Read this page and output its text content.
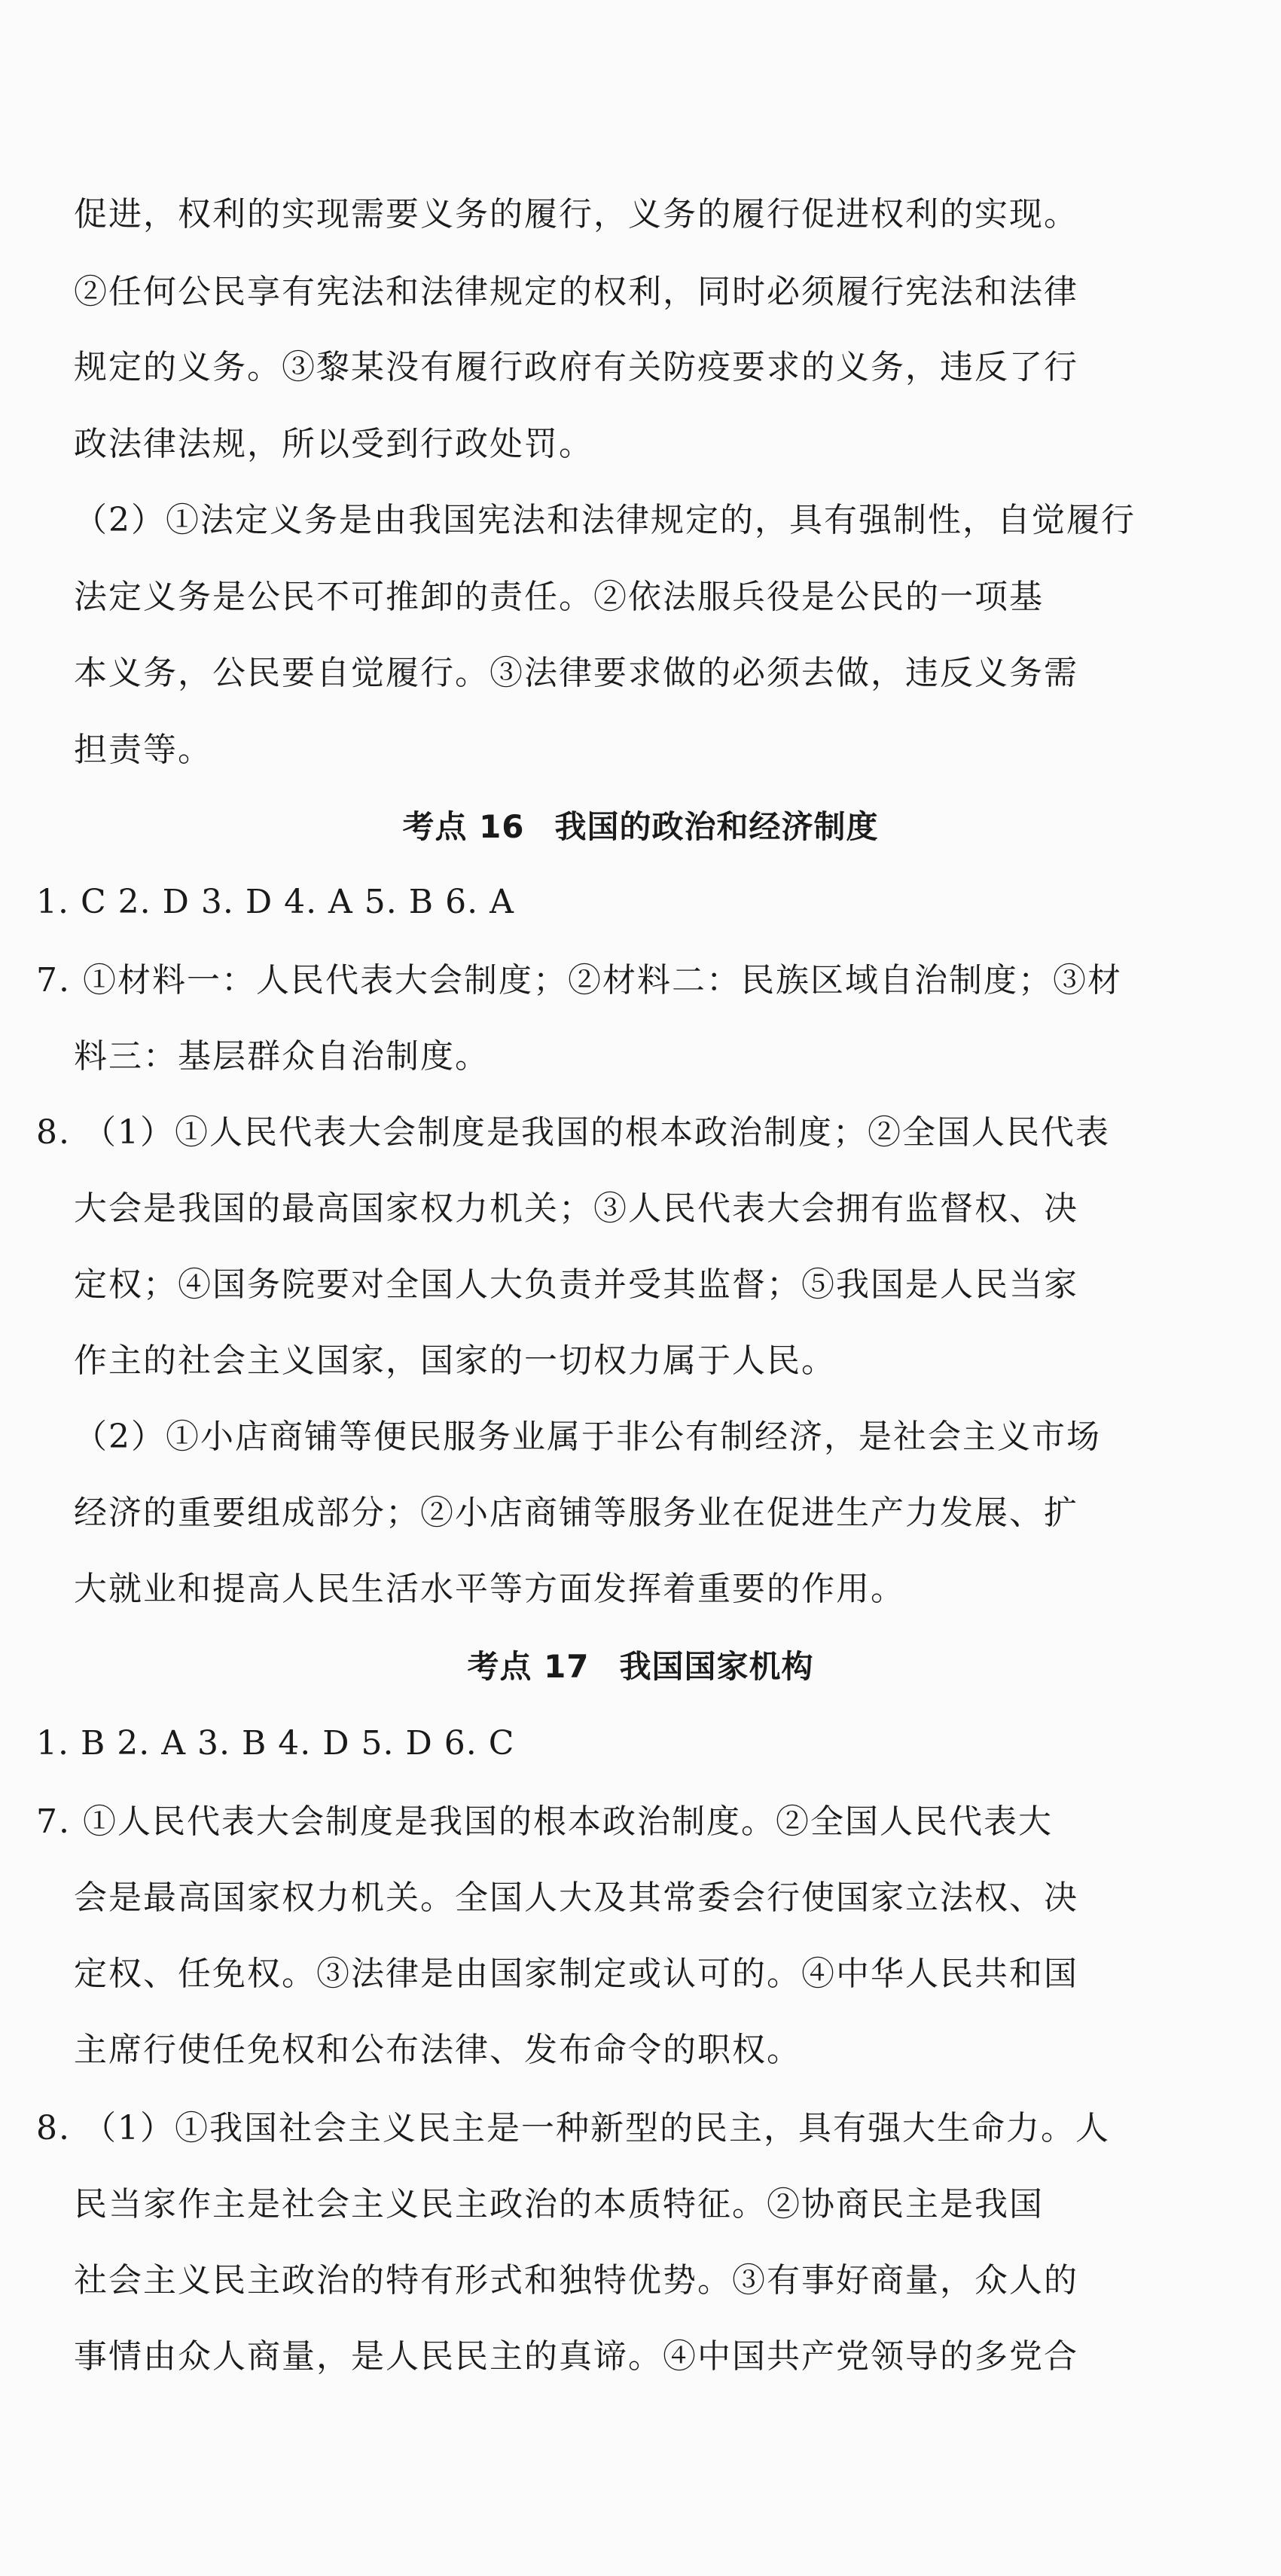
促进，权利的实现需要义务的履行，义务的履行促进权利的实现。
②任何公民享有宪法和法律规定的权利，同时必须履行宪法和法律
规定的义务。③黎某没有履行政府有关防疫要求的义务，违反了行
政法律法规，所以受到行政处罚。
（2）①法定义务是由我国宪法和法律规定的，具有强制性，自觉履行
法定义务是公民不可推卸的责任。②依法服兵役是公民的一项基
本义务，公民要自觉履行。③法律要求做的必须去做，违反义务需
担责等。
考点 16 我国的政治和经济制度
1. C 2. D 3. D 4. A 5. B 6. A
7. ①材料一：人民代表大会制度；②材料二：民族区域自治制度；③材
料三：基层群众自治制度。
8. （1）①人民代表大会制度是我国的根本政治制度；②全国人民代表
大会是我国的最高国家权力机关；③人民代表大会拥有监督权、决
定权；④国务院要对全国人大负责并受其监督；⑤我国是人民当家
作主的社会主义国家，国家的一切权力属于人民。
（2）①小店商铺等便民服务业属于非公有制经济，是社会主义市场
经济的重要组成部分；②小店商铺等服务业在促进生产力发展、扩
大就业和提高人民生活水平等方面发挥着重要的作用。
考点 17 我国国家机构
1. B 2. A 3. B 4. D 5. D 6. C
7. ①人民代表大会制度是我国的根本政治制度。②全国人民代表大
会是最高国家权力机关。全国人大及其常委会行使国家立法权、决
定权、任免权。③法律是由国家制定或认可的。④中华人民共和国
主席行使任免权和公布法律、发布命令的职权。
8. （1）①我国社会主义民主是一种新型的民主，具有强大生命力。人
民当家作主是社会主义民主政治的本质特征。②协商民主是我国
社会主义民主政治的特有形式和独特优势。③有事好商量，众人的
事情由众人商量，是人民民主的真谛。④中国共产党领导的多党合
